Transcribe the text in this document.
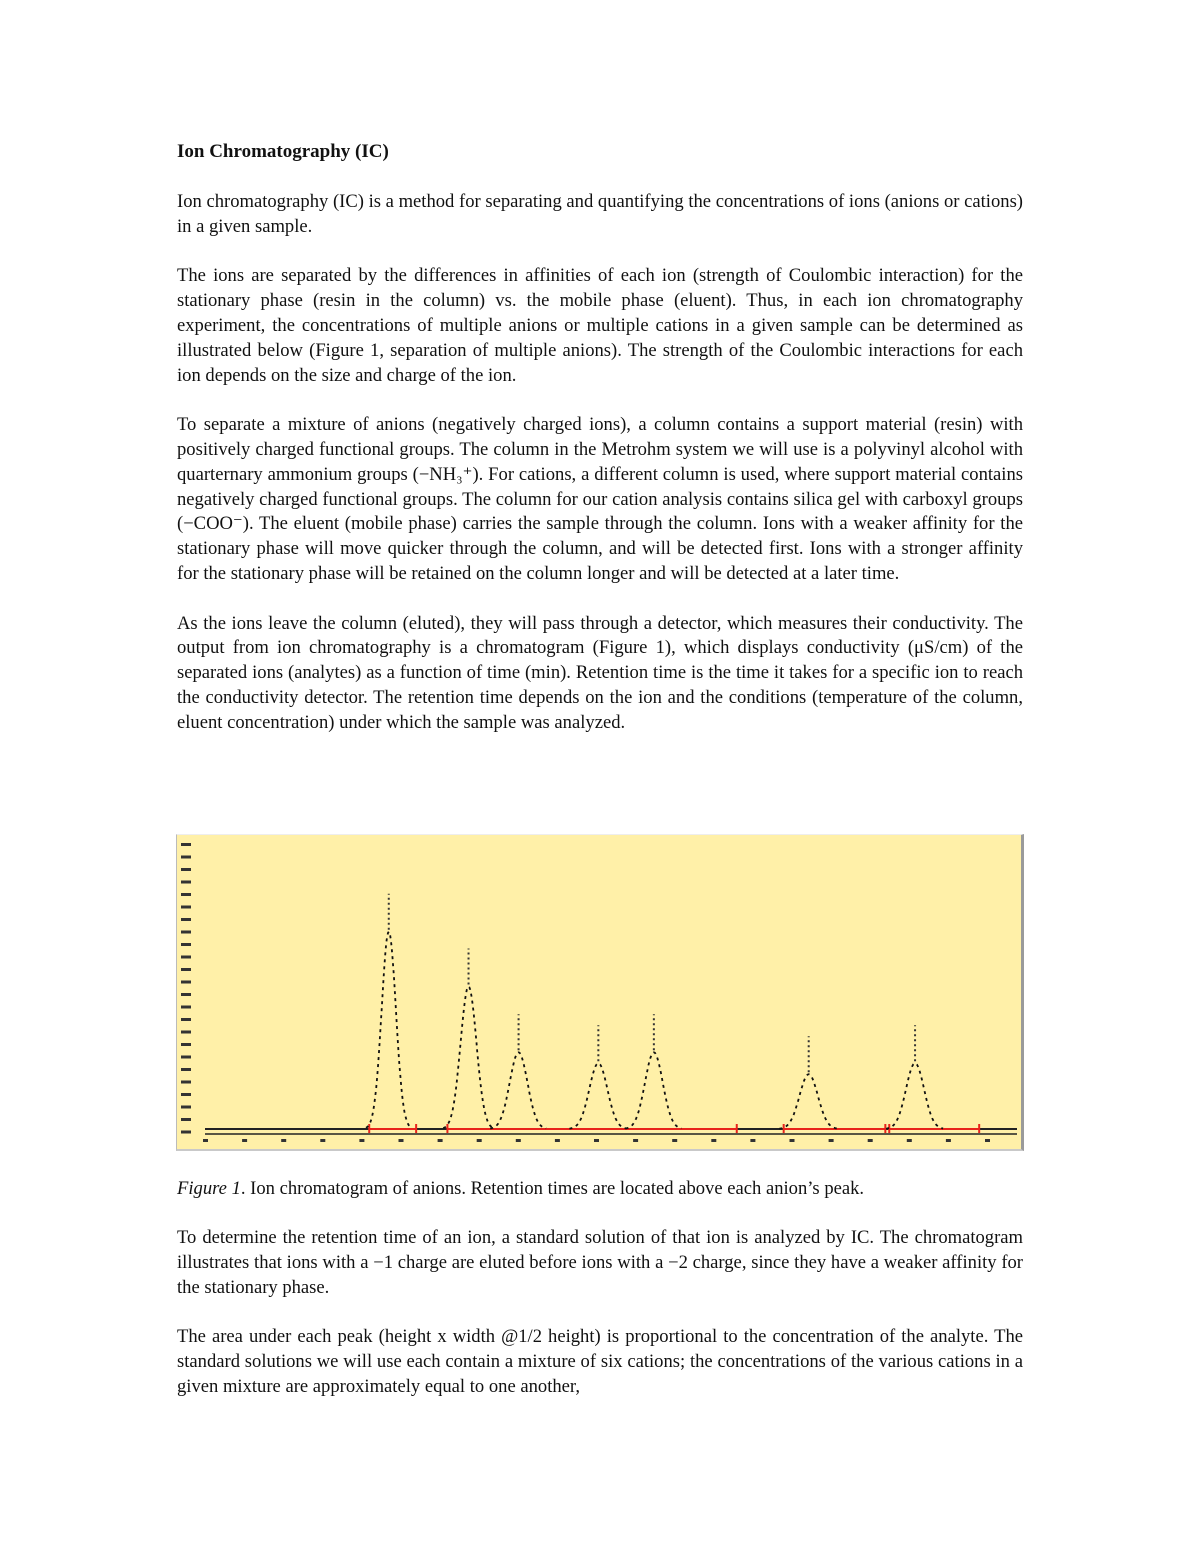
Ion Chromatography (IC)

Ion chromatography (IC) is a method for separating and quantifying the concentrations of ions (anions or cations) in a given sample.

The ions are separated by the differences in affinities of each ion (strength of Coulombic interaction) for the stationary phase (resin in the column) vs. the mobile phase (eluent). Thus, in each ion chromatography experiment, the concentrations of multiple anions or multiple cations in a given sample can be determined as illustrated below (Figure 1, separation of multiple anions). The strength of the Coulombic interactions for each ion depends on the size and charge of the ion.

To separate a mixture of anions (negatively charged ions), a column contains a support material (resin) with positively charged functional groups. The column in the Metrohm system we will use is a polyvinyl alcohol with quarternary ammonium groups (−NH₃⁺). For cations, a different column is used, where support material contains negatively charged functional groups. The column for our cation analysis contains silica gel with carboxyl groups (−COO⁻). The eluent (mobile phase) carries the sample through the column. Ions with a weaker affinity for the stationary phase will move quicker through the column, and will be detected first. Ions with a stronger affinity for the stationary phase will be retained on the column longer and will be detected at a later time.

As the ions leave the column (eluted), they will pass through a detector, which measures their conductivity. The output from ion chromatography is a chromatogram (Figure 1), which displays conductivity (μS/cm) of the separated ions (analytes) as a function of time (min). Retention time is the time it takes for a specific ion to reach the conductivity detector. The retention time depends on the ion and the conditions (temperature of the column, eluent concentration) under which the sample was analyzed.

Figure 1. Ion chromatogram of anions. Retention times are located above each anion’s peak.

To determine the retention time of an ion, a standard solution of that ion is analyzed by IC. The chromatogram illustrates that ions with a −1 charge are eluted before ions with a −2 charge, since they have a weaker affinity for the stationary phase.

The area under each peak (height x width @1/2 height) is proportional to the concentration of the analyte. The standard solutions we will use each contain a mixture of six cations; the concentrations of the various cations in a given mixture are approximately equal to one another,
